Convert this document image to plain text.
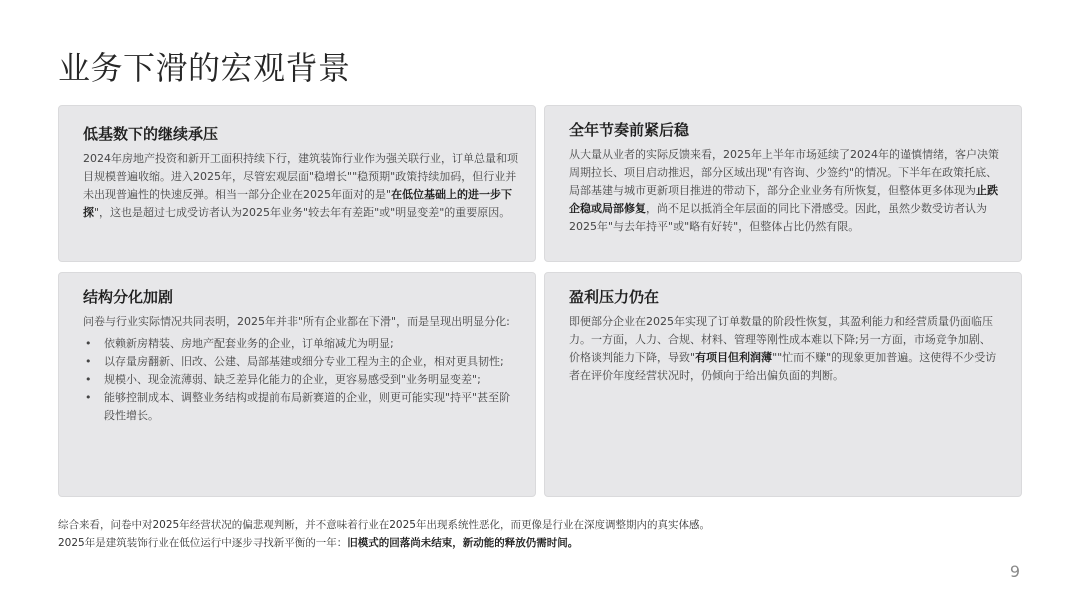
业务下滑的宏观背景
低基数下的继续承压

2024年房地产投资和新开工面积持续下行，建筑装饰行业作为强关联行业，订单总量和项目规模普遍收缩。进入2025年，尽管宏观层面"稳增长""稳预期"政策持续加码，但行业并未出现普遍性的快速反弹。相当一部分企业在2025年面对的是"在低位基础上的进一步下探"，这也是超过七成受访者认为2025年业务"较去年有差距"或"明显变差"的重要原因。

全年节奏前紧后稳

从大量从业者的实际反馈来看，2025年上半年市场延续了2024年的谨慎情绪，客户决策周期拉长、项目启动推迟，部分区域出现"有咨询、少签约"的情况。下半年在政策托底、局部基建与城市更新项目推进的带动下，部分企业业务有所恢复，但整体更多体现为止跌企稳或局部修复，尚不足以抵消全年层面的同比下滑感受。因此，虽然少数受访者认为2025年"与去年持平"或"略有好转"，但整体占比仍然有限。

结构分化加剧

问卷与行业实际情况共同表明，2025年并非"所有企业都在下滑"，而是呈现出明显分化:

• 依赖新房精装、房地产配套业务的企业，订单缩减尤为明显;
• 以存量房翻新、旧改、公建、局部基建或细分专业工程为主的企业，相对更具韧性;
• 规模小、现金流薄弱、缺乏差异化能力的企业，更容易感受到"业务明显变差";
• 能够控制成本、调整业务结构或提前布局新赛道的企业，则更可能实现"持平"甚至阶段性增长。
盈利压力仍在

即便部分企业在2025年实现了订单数量的阶段性恢复，其盈利能力和经营质量仍面临压力。一方面，人力、合规、材料、管理等刚性成本难以下降;另一方面，市场竞争加剧、价格谈判能力下降，导致"有项目但利润薄""忙而不赚"的现象更加普遍。这使得不少受访者在评价年度经营状况时，仍倾向于给出偏负面的判断。

综合来看，问卷中对2025年经营状况的偏悲观判断，并不意味着行业在2025年出现系统性恶化，而更像是行业在深度调整期内的真实体感。

2025年是建筑装饰行业在低位运行中逐步寻找新平衡的一年：旧模式的回落尚未结束，新动能的释放仍需时间。

9
